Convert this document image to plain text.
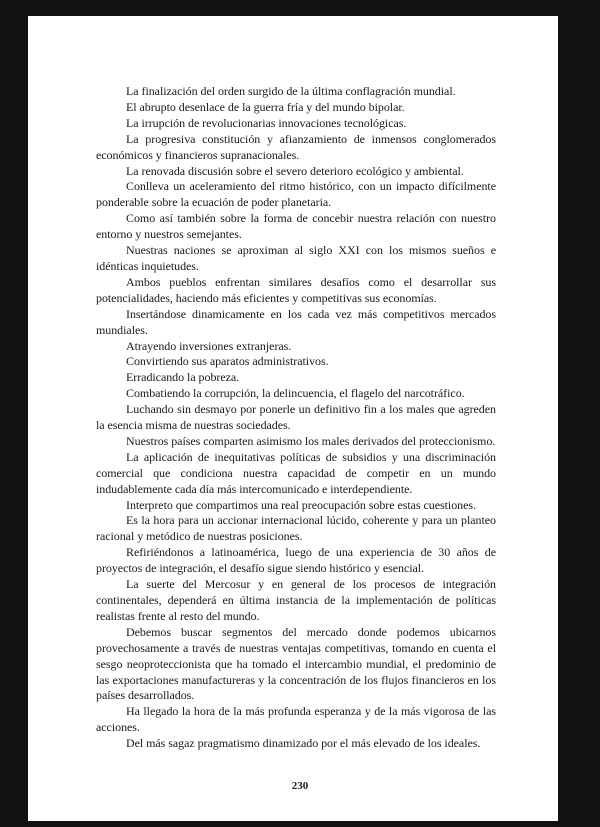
La finalización del orden surgido de la última conflagración mundial.

El abrupto desenlace de la guerra fría y del mundo bipolar.

La irrupción de revolucionarias innovaciones tecnológicas.

La progresiva constitución y afianzamiento de inmensos conglomerados económicos y financieros supranacionales.

La renovada discusión sobre el severo deterioro ecológico y ambiental.

Conlleva un aceleramiento del ritmo histórico, con un impacto difícilmente ponderable sobre la ecuación de poder planetaria.

Como así también sobre la forma de concebir nuestra relación con nuestro entorno y nuestros semejantes.

Nuestras naciones se aproximan al siglo XXI con los mismos sueños e idénticas inquietudes.

Ambos pueblos enfrentan similares desafíos como el desarrollar sus potencialidades, haciendo más eficientes y competitivas sus economías.

Insertándose dinamicamente en los cada vez más competitivos mercados mundiales.

Atrayendo inversiones extranjeras.

Convirtiendo sus aparatos administrativos.

Erradicando la pobreza.

Combatiendo la corrupción, la delincuencia, el flagelo del narcotráfico.

Luchando sin desmayo por ponerle un definitivo fin a los males que agreden la esencia misma de nuestras sociedades.

Nuestros países comparten asimismo los males derivados del proteccionismo.

La aplicación de inequitativas políticas de subsidios y una discriminación comercial que condiciona nuestra capacidad de competir en un mundo indudablemente cada día más intercomunicado e interdependiente.

Interpreto que compartimos una real preocupación sobre estas cuestiones.

Es la hora para un accionar internacional lúcido, coherente y para un planteo racional y metódico de nuestras posiciones.

Refiriéndonos a latinoamérica, luego de una experiencia de 30 años de proyectos de integración, el desafío sigue siendo histórico y esencial.

La suerte del Mercosur y en general de los procesos de integración continentales, dependerá en última instancia de la implementación de políticas realistas frente al resto del mundo.

Debemos buscar segmentos del mercado donde podemos ubicarnos provechosamente a través de nuestras ventajas competitivas, tomando en cuenta el sesgo neoproteccionista que ha tomado el intercambio mundial, el predominio de las exportaciones manufactureras y la concentración de los flujos financieros en los países desarrollados.

Ha llegado la hora de la más profunda esperanza y de la más vigorosa de las acciones.

Del más sagaz pragmatismo dinamizado por el más elevado de los ideales.

230
